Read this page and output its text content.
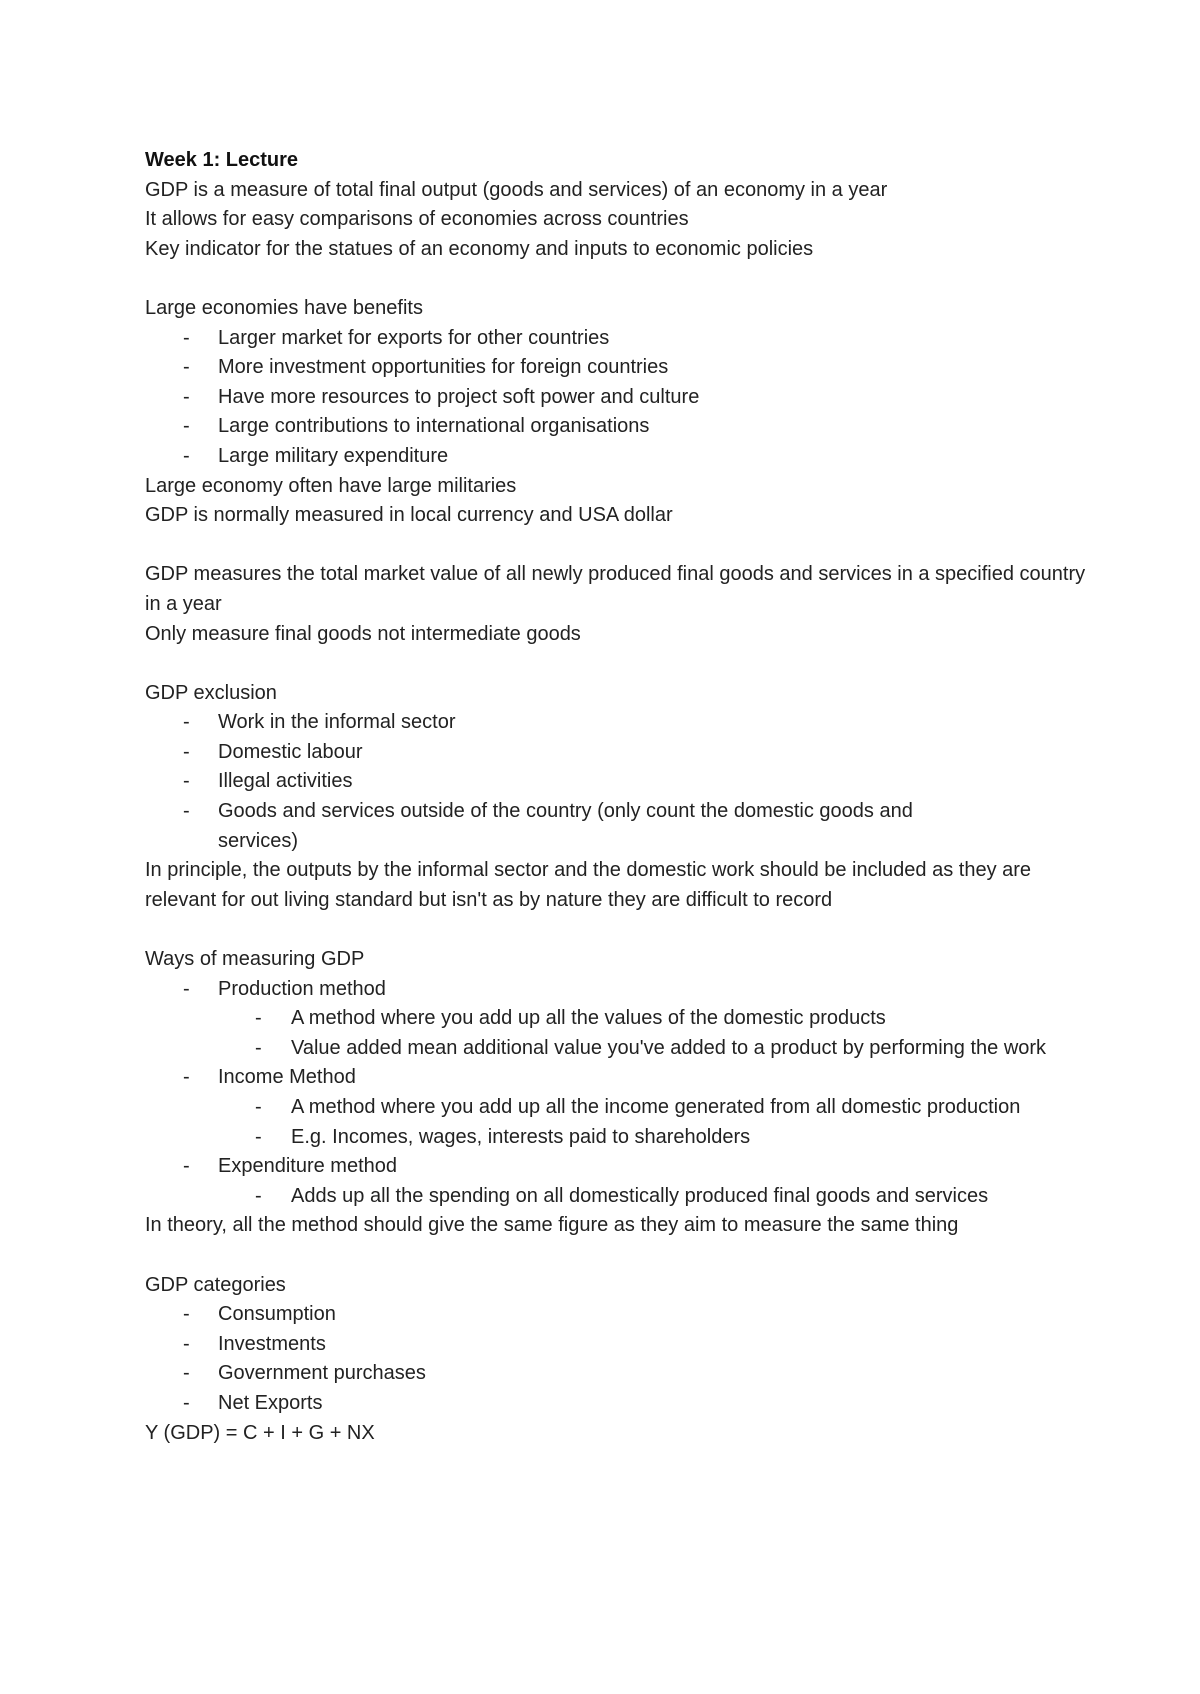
Week 1: Lecture
GDP is a measure of total final output (goods and services) of an economy in a year
It allows for easy comparisons of economies across countries
Key indicator for the statues of an economy and inputs to economic policies
Large economies have benefits
- Larger market for exports for other countries
- More investment opportunities for foreign countries
- Have more resources to project soft power and culture
- Large contributions to international organisations
- Large military expenditure
Large economy often have large militaries
GDP is normally measured in local currency and USA dollar
GDP measures the total market value of all newly produced final goods and services in a specified country in a year
Only measure final goods not intermediate goods
GDP exclusion
- Work in the informal sector
- Domestic labour
- Illegal activities
- Goods and services outside of the country (only count the domestic goods and services)
In principle, the outputs by the informal sector and the domestic work should be included as they are relevant for out living standard but isn't as by nature they are difficult to record
Ways of measuring GDP
- Production method
- A method where you add up all the values of the domestic products
- Value added mean additional value you've added to a product by performing the work
- Income Method
- A method where you add up all the income generated from all domestic production
- E.g. Incomes, wages, interests paid to shareholders
- Expenditure method
- Adds up all the spending on all domestically produced final goods and services
In theory, all the method should give the same figure as they aim to measure the same thing
GDP categories
- Consumption
- Investments
- Government purchases
- Net Exports
Y (GDP) = C + I + G + NX
